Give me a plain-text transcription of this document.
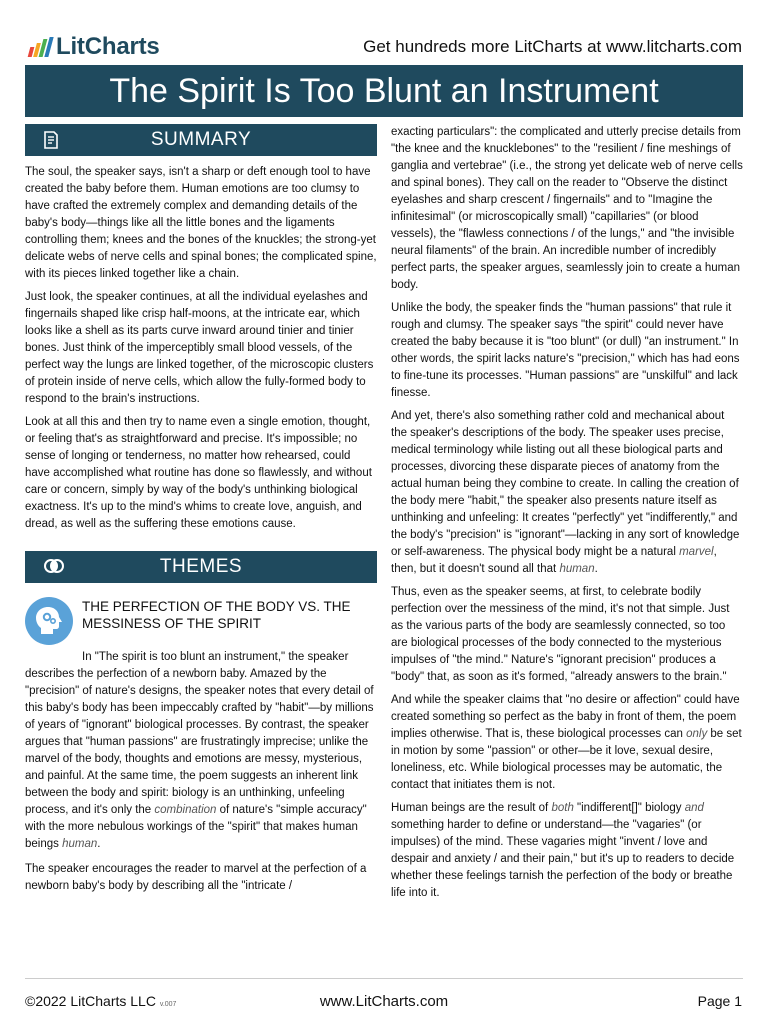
LitCharts	Get hundreds more LitCharts at www.litcharts.com
The Spirit Is Too Blunt an Instrument
SUMMARY

The soul, the speaker says, isn't a sharp or deft enough tool to have created the baby before them. Human emotions are too clumsy to have crafted the extremely complex and demanding details of the baby's body—things like all the little bones and the ligaments controlling them; knees and the bones of the knuckles; the strong-yet delicate webs of nerve cells and spinal bones; the complicated spine, with its pieces linked together like a chain.

Just look, the speaker continues, at all the individual eyelashes and fingernails shaped like crisp half-moons, at the intricate ear, which looks like a shell as its parts curve inward around tinier and tinier bones. Just think of the imperceptibly small blood vessels, of the perfect way the lungs are linked together, of the microscopic clusters of protein inside of nerve cells, which allow the fully-formed body to respond to the brain's instructions.

Look at all this and then try to name even a single emotion, thought, or feeling that's as straightforward and precise. It's impossible; no sense of longing or tenderness, no matter how rehearsed, could have accomplished what routine has done so flawlessly, and without care or concern, simply by way of the body's unthinking biological exactness. It's up to the mind's whims to create love, anguish, and dread, as well as the suffering these emotions cause.

THEMES
THE PERFECTION OF THE BODY VS. THE MESSINESS OF THE SPIRIT

In "The spirit is too blunt an instrument," the speaker describes the perfection of a newborn baby. Amazed by the "precision" of nature's designs, the speaker notes that every detail of this baby's body has been impeccably crafted by "habit"—by millions of years of "ignorant" biological processes. By contrast, the speaker argues that "human passions" are frustratingly imprecise; unlike the marvel of the body, thoughts and emotions are messy, mysterious, and painful. At the same time, the poem suggests an inherent link between the body and spirit: biology is an unthinking, unfeeling process, and it's only the combination of nature's "simple accuracy" with the more nebulous workings of the "spirit" that makes human beings human.

The speaker encourages the reader to marvel at the perfection of a newborn baby's body by describing all the "intricate /

exacting particulars": the complicated and utterly precise details from "the knee and the knucklebones" to the "resilient / fine meshings of ganglia and vertebrae" (i.e., the strong yet delicate web of nerve cells and spinal bones). They call on the reader to "Observe the distinct eyelashes and sharp crescent / fingernails" and to "Imagine the infinitesimal" (or microscopically small) "capillaries" (or blood vessels), the "flawless connections / of the lungs," and "the invisible neural filaments" of the brain. An incredible number of incredibly perfect parts, the speaker argues, seamlessly join to create a human body.

Unlike the body, the speaker finds the "human passions" that rule it rough and clumsy. The speaker says "the spirit" could never have created the baby because it is "too blunt" (or dull) "an instrument." In other words, the spirit lacks nature's "precision," which has had eons to fine-tune its processes. "Human passions" are "unskilful" and lack finesse.

And yet, there's also something rather cold and mechanical about the speaker's descriptions of the body. The speaker uses precise, medical terminology while listing out all these biological parts and processes, divorcing these disparate pieces of anatomy from the actual human being they combine to create. In calling the creation of the body mere "habit," the speaker also presents nature itself as unthinking and unfeeling: It creates "perfectly" yet "indifferently," and the body's "precision" is "ignorant"—lacking in any sort of knowledge or self-awareness. The physical body might be a natural marvel, then, but it doesn't sound all that human.

Thus, even as the speaker seems, at first, to celebrate bodily perfection over the messiness of the mind, it's not that simple. Just as the various parts of the body are seamlessly connected, so too are biological processes of the body connected to the mysterious impulses of "the mind." Nature's "ignorant precision" produces a "body" that, as soon as it's formed, "already answers to the brain."

And while the speaker claims that "no desire or affection" could have created something so perfect as the baby in front of them, the poem implies otherwise. That is, these biological processes can only be set in motion by some "passion" or other—be it love, sexual desire, loneliness, etc. While biological processes may be automatic, the contact that initiates them is not.

Human beings are the result of both "indifferent[]" biology and something harder to define or understand—the "vagaries" (or impulses) of the mind. These vagaries might "invent / love and despair and anxiety / and their pain," but it's up to readers to decide whether these feelings tarnish the perfection of the body or breathe life into it.

©2022 LitCharts LLC v.007	www.LitCharts.com	Page 1
